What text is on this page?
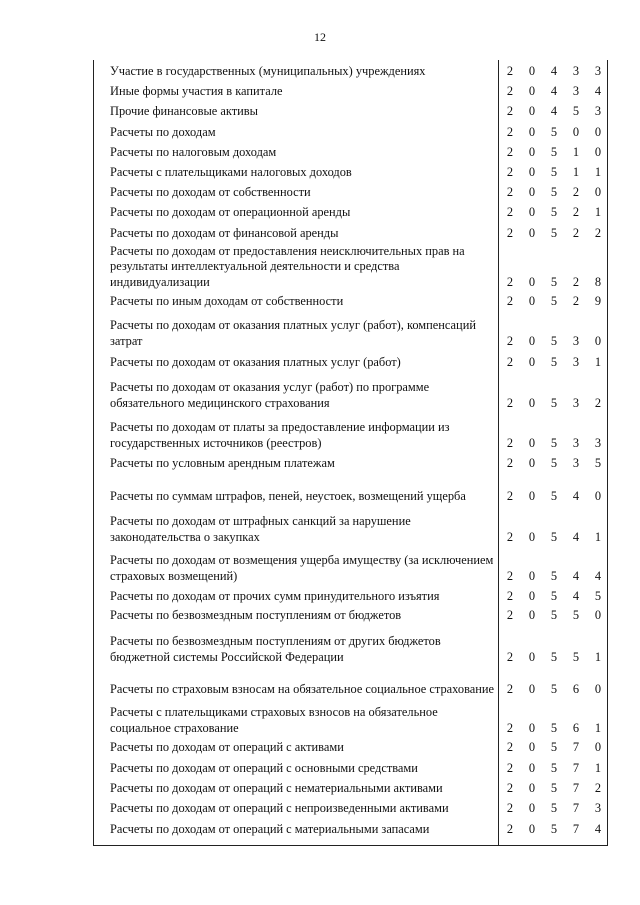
12
Участие в государственных (муниципальных) учреждениях	2 0 4 3 3
Иные формы участия в капитале	2 0 4 3 4
Прочие финансовые активы	2 0 4 5 3
Расчеты по доходам	2 0 5 0 0
Расчеты по налоговым доходам	2 0 5 1 0
Расчеты с плательщиками налоговых доходов	2 0 5 1 1
Расчеты по доходам от собственности	2 0 5 2 0
Расчеты по доходам от операционной аренды	2 0 5 2 1
Расчеты по доходам от финансовой аренды	2 0 5 2 2
Расчеты по доходам от предоставления неисключительных прав на результаты интеллектуальной деятельности и средства индивидуализации	2 0 5 2 8
Расчеты по иным доходам от собственности	2 0 5 2 9
Расчеты по доходам от оказания платных услуг (работ), компенсаций затрат	2 0 5 3 0
Расчеты по доходам от оказания платных услуг (работ)	2 0 5 3 1
Расчеты по доходам от оказания услуг (работ) по программе обязательного медицинского страхования	2 0 5 3 2
Расчеты по доходам от платы за предоставление информации из государственных источников (реестров)	2 0 5 3 3
Расчеты по условным арендным платежам	2 0 5 3 5
Расчеты по суммам штрафов, пеней, неустоек, возмещений ущерба	2 0 5 4 0
Расчеты по доходам от штрафных санкций за нарушение законодательства о закупках	2 0 5 4 1
Расчеты по доходам от возмещения ущерба имуществу (за исключением страховых возмещений)	2 0 5 4 4
Расчеты по доходам от прочих сумм принудительного изъятия	2 0 5 4 5
Расчеты по безвозмездным поступлениям от бюджетов	2 0 5 5 0
Расчеты по безвозмездным поступлениям от других бюджетов бюджетной системы Российской Федерации	2 0 5 5 1
Расчеты по страховым взносам на обязательное социальное страхование 2 0 5 6 0
Расчеты с плательщиками страховых взносов на обязательное социальное страхование	2 0 5 6 1
Расчеты по доходам от операций с активами	2 0 5 7 0
Расчеты по доходам от операций с основными средствами	2 0 5 7 1
Расчеты по доходам от операций с нематериальными активами	2 0 5 7 2
Расчеты по доходам от операций с непроизведенными активами	2 0 5 7 3
Расчеты по доходам от операций с материальными запасами	2 0 5 7 4
